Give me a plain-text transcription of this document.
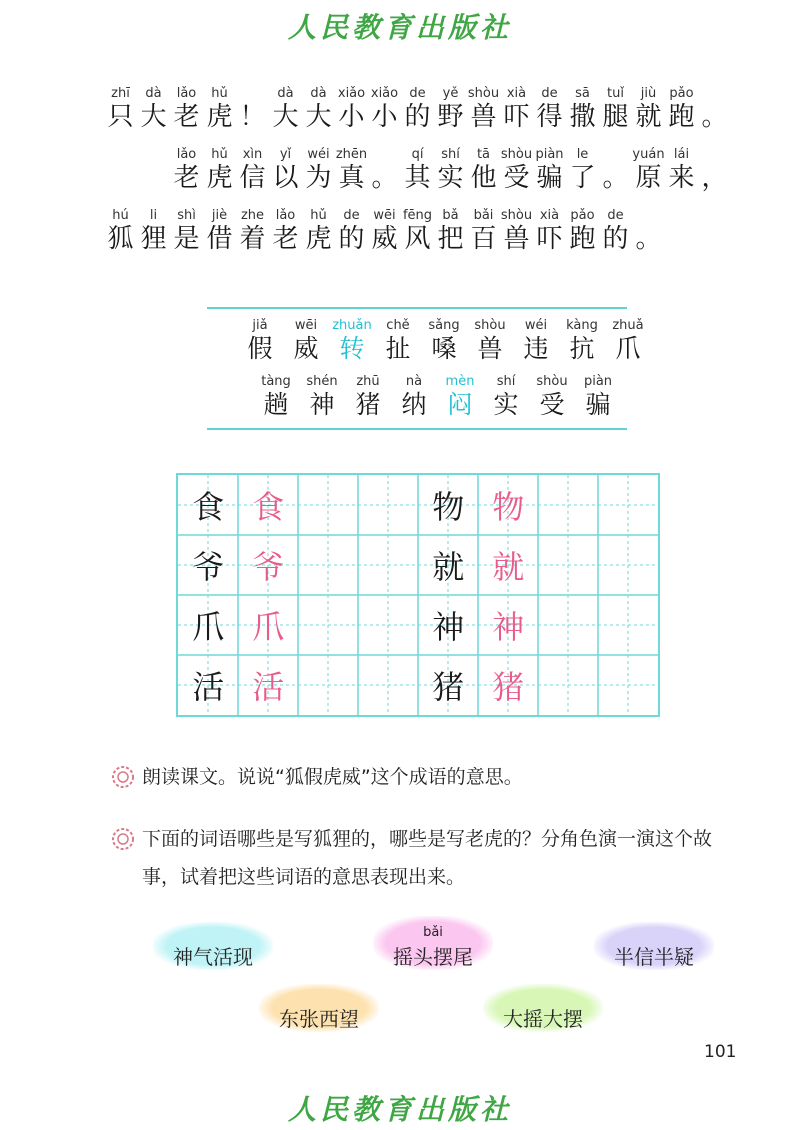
人民教育出版社
zhī
只
dà
大
lǎo
老
hǔ
虎 ！
dà
大
dà
大
xiǎo
小
xiǎo
小
de
的
yě
野
shòu
兽
xià
吓
de
得
sā
撒
tuǐ
腿
jiù
就
pǎo
跑 。
lǎo
老
hǔ
虎
xìn
信
yǐ
以
wéi
为
zhēn
真 。
qí
其
shí
实
tā
他
shòu
受
piàn
骗
le
了 。
yuán
原
lái
来 ，
hú
狐
li
狸
shì
是
jiè
借
zhe
着
lǎo
老
hǔ
虎
de
的
wēi
威
fēng
风
bǎ
把
bǎi
百
shòu
兽
xià
吓
pǎo
跑
de
的 。
jiǎ
假
wēi
威
zhuǎn
转
chě
扯
sǎng
嗓
shòu
兽
wéi
违
kàng
抗
zhuǎ
爪
tàng
趟
shén
神
zhū
猪
nà
纳
mèn
闷
shí
实
shòu
受
piàn
骗
食 食
爷 爷
爪 爪
活 活
物 物
就 就
神 神
猪 猪
朗读课文。说说“狐假虎威”这个成语的意思。
下面的词语哪些是写狐狸的，哪些是写老虎的？分角色演一演这个故事，试着把这些词语的意思表现出来。
神气活现
bǎi
摇头摆尾	半信半疑
东张西望	大摇大摆
101
人民教育出版社
